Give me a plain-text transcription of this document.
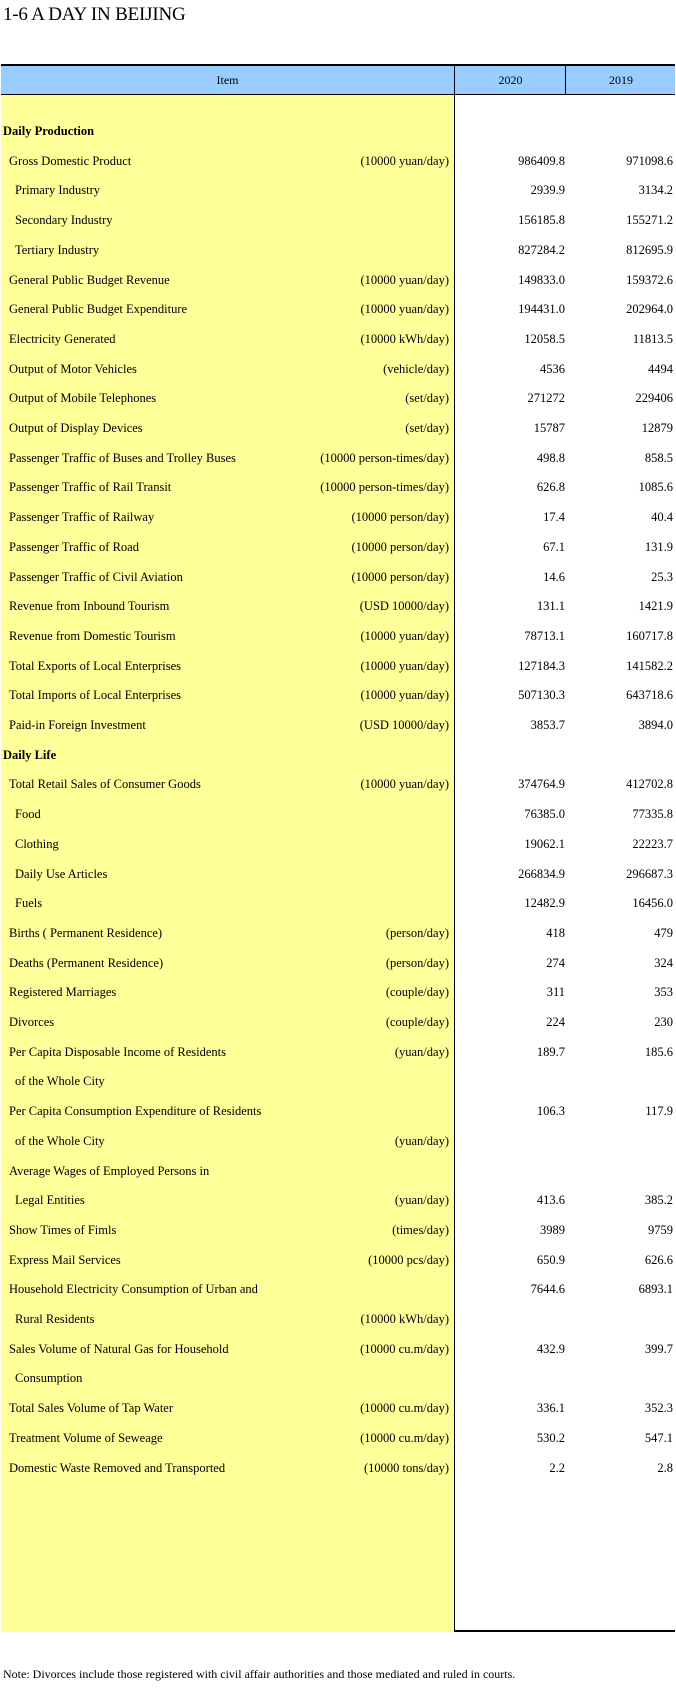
1-6 A DAY IN BEIJING
Item	2020	2019
Daily Production
Gross Domestic Product	(10000 yuan/day)	986409.8	971098.6
Primary Industry	2939.9	3134.2
Secondary Industry	156185.8	155271.2
Tertiary Industry	827284.2	812695.9
General Public Budget Revenue	(10000 yuan/day)	149833.0	159372.6
General Public Budget Expenditure	(10000 yuan/day)	194431.0	202964.0
Electricity Generated	(10000 kWh/day)	12058.5	11813.5
Output of Motor Vehicles	(vehicle/day)	4536	4494
Output of Mobile Telephones	(set/day)	271272	229406
Output of Display Devices	(set/day)	15787	12879
Passenger Traffic of Buses and Trolley Buses	(10000 person-times/day)	498.8	858.5
Passenger Traffic of Rail Transit	(10000 person-times/day)	626.8	1085.6
Passenger Traffic of Railway	(10000 person/day)	17.4	40.4
Passenger Traffic of Road	(10000 person/day)	67.1	131.9
Passenger Traffic of Civil Aviation	(10000 person/day)	14.6	25.3
Revenue from Inbound Tourism	(USD 10000/day)	131.1	1421.9
Revenue from Domestic Tourism	(10000 yuan/day)	78713.1	160717.8
Total Exports of Local Enterprises	(10000 yuan/day)	127184.3	141582.2
Total Imports of Local Enterprises	(10000 yuan/day)	507130.3	643718.6
Paid-in Foreign Investment	(USD 10000/day)	3853.7	3894.0
Daily Life
Total Retail Sales of Consumer Goods	(10000 yuan/day)	374764.9	412702.8
Food	76385.0	77335.8
Clothing	19062.1	22223.7
Daily Use Articles	266834.9	296687.3
Fuels	12482.9	16456.0
Births ( Permanent Residence)	(person/day)	418	479
Deaths (Permanent Residence)	(person/day)	274	324
Registered Marriages	(couple/day)	311	353
Divorces	(couple/day)	224	230
Per Capita Disposable Income of Residents	(yuan/day)	189.7	185.6
of the Whole City
Per Capita Consumption Expenditure of Residents	106.3	117.9
of the Whole City	(yuan/day)
Average Wages of Employed Persons in
Legal Entities	(yuan/day)	413.6	385.2
Show Times of Fimls	(times/day)	3989	9759
Express Mail Services	(10000 pcs/day)	650.9	626.6
Household Electricity Consumption of Urban and	7644.6	6893.1
Rural Residents	(10000 kWh/day)
Sales Volume of Natural Gas for Household	(10000 cu.m/day)	432.9	399.7
Consumption
Total Sales Volume of Tap Water	(10000 cu.m/day)	336.1	352.3
Treatment Volume of Seweage	(10000 cu.m/day)	530.2	547.1
Domestic Waste Removed and Transported	(10000 tons/day)	2.2	2.8
Note: Divorces include those registered with civil affair authorities and those mediated and ruled in courts.
